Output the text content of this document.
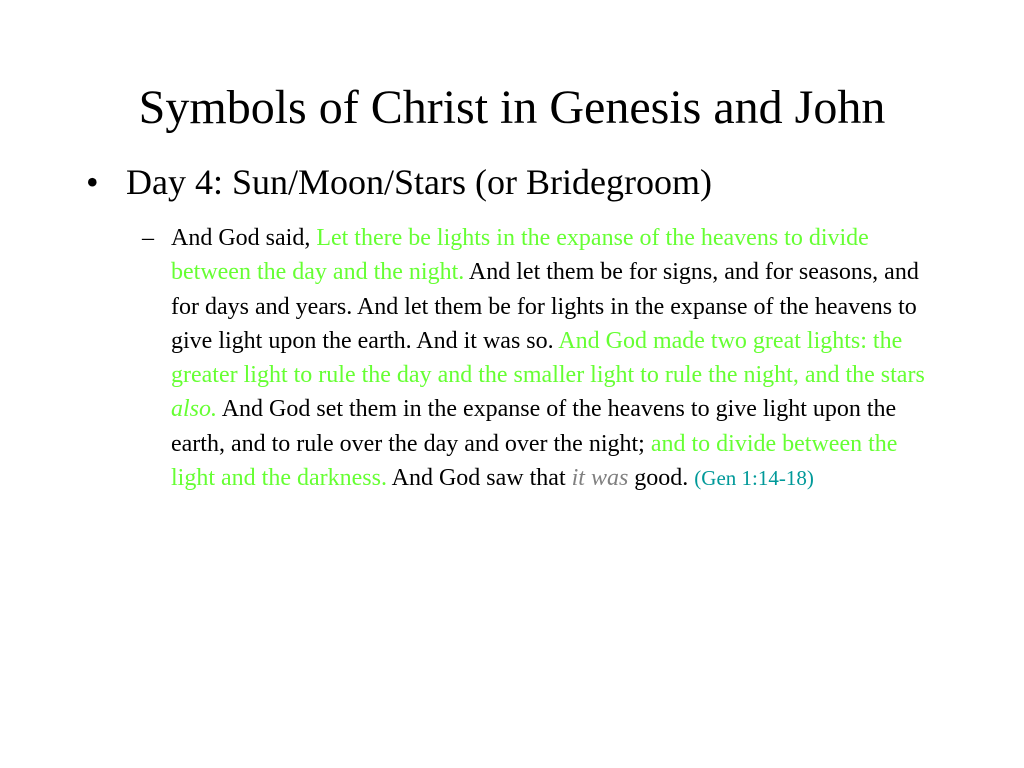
Symbols of Christ in Genesis and John
• Day 4: Sun/Moon/Stars (or Bridegroom)
– And God said, Let there be lights in the expanse of the heavens to divide between the day and the night. And let them be for signs, and for seasons, and for days and years. And let them be for lights in the expanse of the heavens to give light upon the earth. And it was so. And God made two great lights: the greater light to rule the day and the smaller light to rule the night, and the stars also. And God set them in the expanse of the heavens to give light upon the earth, and to rule over the day and over the night; and to divide between the light and the darkness. And God saw that it was good. (Gen 1:14-18)
